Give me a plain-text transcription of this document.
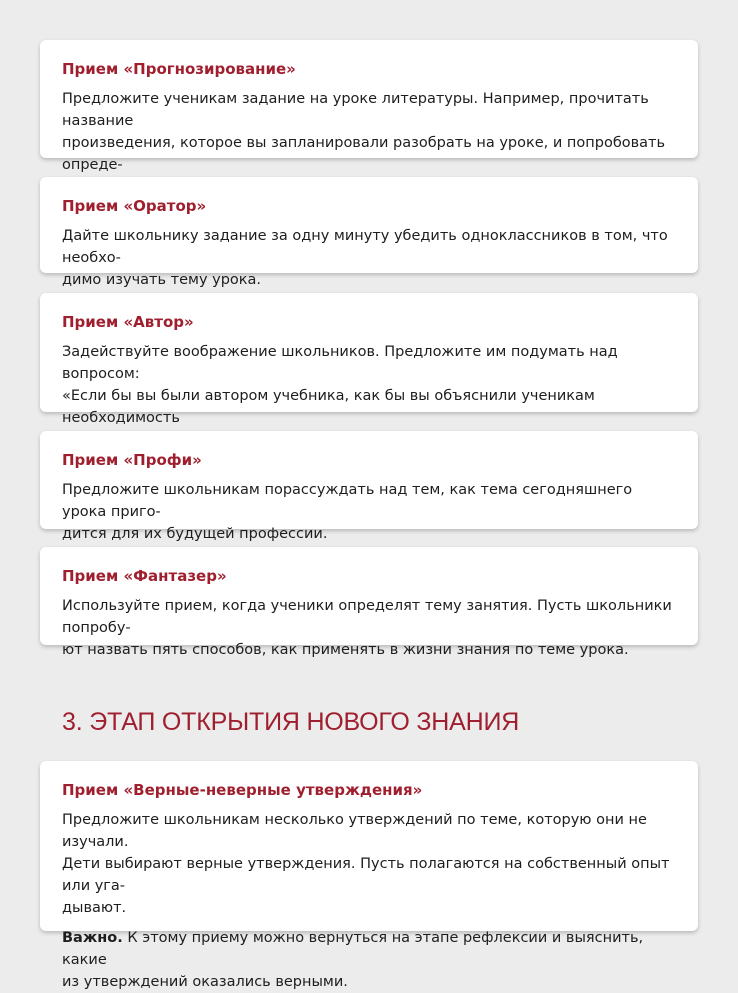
Прием «Прогнозирование»

Предложите ученикам задание на уроке литературы. Например, прочитать название
произведения, которое вы запланировали разобрать на уроке, и попробовать опреде-

Прием «Оратор»

Дайте школьнику задание за одну минуту убедить одноклассников в том, что необхо-
димо изучать тему урока.

Прием «Автор»

Задействуйте воображение школьников. Предложите им подумать над вопросом:
«Если бы вы были автором учебника, как бы вы объяснили ученикам необходимость

Прием «Профи»

Предложите школьникам порассуждать над тем, как тема сегодняшнего урока приго-
дится для их будущей профессии.

Прием «Фантазер»

Используйте прием, когда ученики определят тему занятия. Пусть школьники попробу-
ют назвать пять способов, как применять в жизни знания по теме урока.

3. ЭТАП ОТКРЫТИЯ НОВОГО ЗНАНИЯ

Прием «Верные-неверные утверждения»

Предложите школьникам несколько утверждений по теме, которую они не изучали.
Дети выбирают верные утверждения. Пусть полагаются на собственный опыт или уга-
дывают.

Важно. К этому приему можно вернуться на этапе рефлексии и выяснить, какие
из утверждений оказались верными.
